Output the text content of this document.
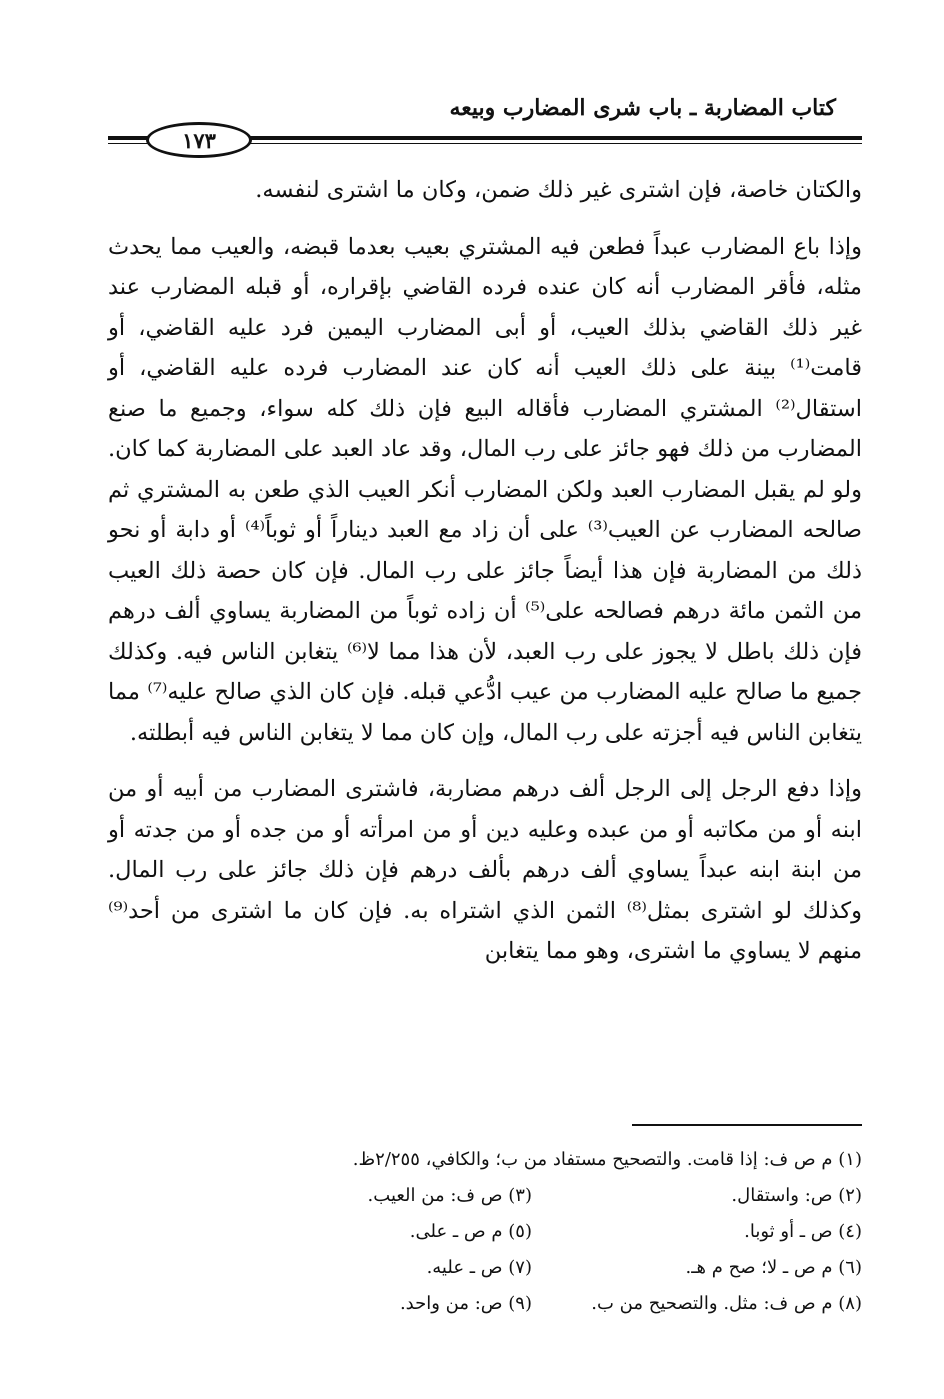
كتاب المضاربة ـ باب شرى المضارب وبيعه
١٧٣

والكتان خاصة، فإن اشترى غير ذلك ضمن، وكان ما اشترى لنفسه.

وإذا باع المضارب عبداً فطعن فيه المشتري بعيب بعدما قبضه، والعيب مما يحدث مثله، فأقر المضارب أنه كان عنده فرده القاضي بإقراره، أو قبله المضارب عند غير ذلك القاضي بذلك العيب، أو أبى المضارب اليمين فرد عليه القاضي، أو قامت⁽¹⁾ بينة على ذلك العيب أنه كان عند المضارب فرده عليه القاضي، أو استقال⁽²⁾ المشتري المضارب فأقاله البيع فإن ذلك كله سواء، وجميع ما صنع المضارب من ذلك فهو جائز على رب المال، وقد عاد العبد على المضاربة كما كان. ولو لم يقبل المضارب العبد ولكن المضارب أنكر العيب الذي طعن به المشتري ثم صالحه المضارب عن العيب⁽³⁾ على أن زاد مع العبد ديناراً أو ثوباً⁽⁴⁾ أو دابة أو نحو ذلك من المضاربة فإن هذا أيضاً جائز على رب المال. فإن كان حصة ذلك العيب من الثمن مائة درهم فصالحه على⁽⁵⁾ أن زاده ثوباً من المضاربة يساوي ألف درهم فإن ذلك باطل لا يجوز على رب العبد، لأن هذا مما لا⁽⁶⁾ يتغابن الناس فيه. وكذلك جميع ما صالح عليه المضارب من عيب ادُّعي قبله. فإن كان الذي صالح عليه⁽⁷⁾ مما يتغابن الناس فيه أجزته على رب المال، وإن كان مما لا يتغابن الناس فيه أبطلته.

وإذا دفع الرجل إلى الرجل ألف درهم مضاربة، فاشترى المضارب من أبيه أو من ابنه أو من مكاتبه أو من عبده وعليه دين أو من امرأته أو من جده أو من جدته أو من ابنة ابنه عبداً يساوي ألف درهم بألف درهم فإن ذلك جائز على رب المال. وكذلك لو اشترى بمثل⁽⁸⁾ الثمن الذي اشتراه به. فإن كان ما اشترى من أحد⁽⁹⁾ منهم لا يساوي ما اشترى، وهو مما يتغابن

(١) م ص ف: إذا قامت. والتصحيح مستفاد من ب؛ والكافي، ٢/٢٥٥ظ.
(٢) ص: واستقال.
(٣) ص ف: من العيب.
(٤) ص ـ أو ثوبا.
(٥) م ص ـ على.
(٦) م ص ـ لا؛ صح م هـ.
(٧) ص ـ عليه.
(٨) م ص ف: مثل. والتصحيح من ب.
(٩) ص: من واحد.
